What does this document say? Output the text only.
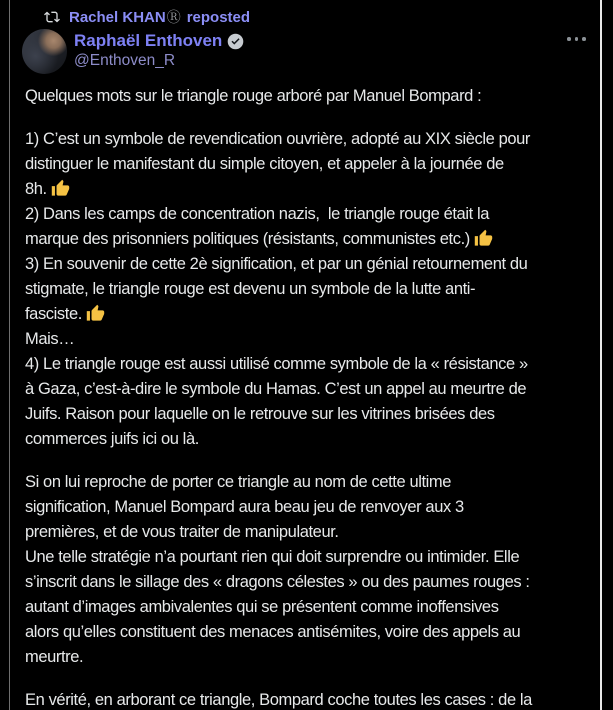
Rachel KHAN Ⓡ reposted
Raphaël Enthoven
@Enthoven_R
Quelques mots sur le triangle rouge arboré par Manuel Bompard :
1) C’est un symbole de revendication ouvrière, adopté au XIX siècle pour
distinguer le manifestant du simple citoyen, et appeler à la journée de
8h.
2) Dans les camps de concentration nazis,  le triangle rouge était la
marque des prisonniers politiques (résistants, communistes etc.)
3) En souvenir de cette 2è signification, et par un génial retournement du
stigmate, le triangle rouge est devenu un symbole de la lutte anti-
fasciste.
Mais…
4) Le triangle rouge est aussi utilisé comme symbole de la « résistance »
à Gaza, c’est-à-dire le symbole du Hamas. C’est un appel au meurtre de
Juifs. Raison pour laquelle on le retrouve sur les vitrines brisées des
commerces juifs ici ou là.
Si on lui reproche de porter ce triangle au nom de cette ultime
signification, Manuel Bompard aura beau jeu de renvoyer aux 3
premières, et de vous traiter de manipulateur.
Une telle stratégie n’a pourtant rien qui doit surprendre ou intimider. Elle
s’inscrit dans le sillage des « dragons célestes » ou des paumes rouges :
autant d’images ambivalentes qui se présentent comme inoffensives
alors qu’elles constituent des menaces antisémites, voire des appels au
meurtre.
En vérité, en arborant ce triangle, Bompard coche toutes les cases : de la
